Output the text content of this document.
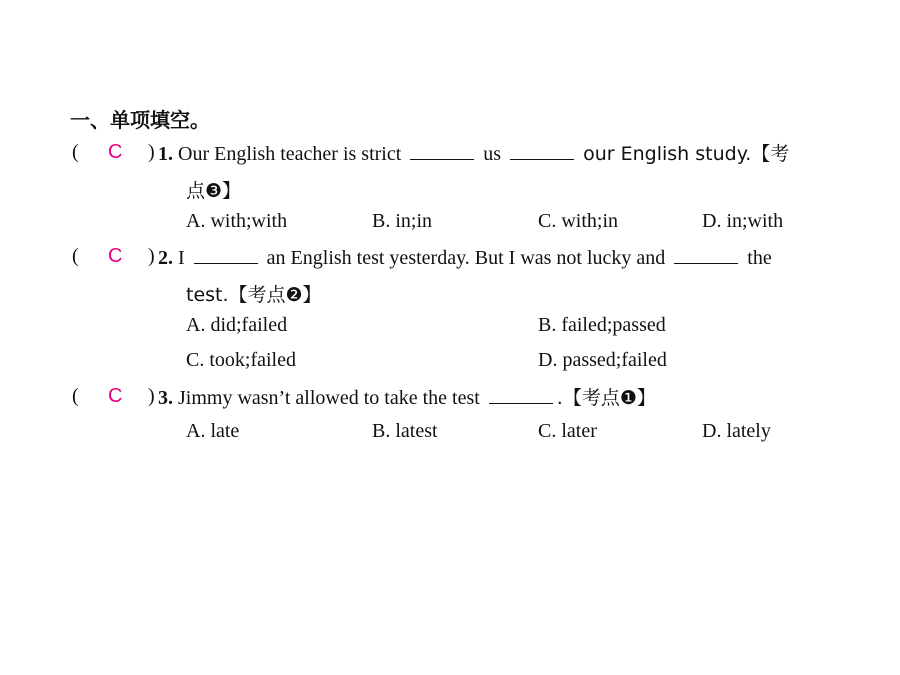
一、单项填空。
( C ) 1. Our English teacher is strict	us	our English study.【考
点❸】
A. with;with	B. in;in	C. with;in	D. in;with
( C ) 2. I	an English test yesterday. But I was not lucky and	the
test.【考点❷】
A. did;failed	B. failed;passed
C. took;failed	D. passed;failed
( C ) 3. Jimmy wasn’t allowed to take the test	.【考点❶】
A. late	B. latest	C. later	D. lately
